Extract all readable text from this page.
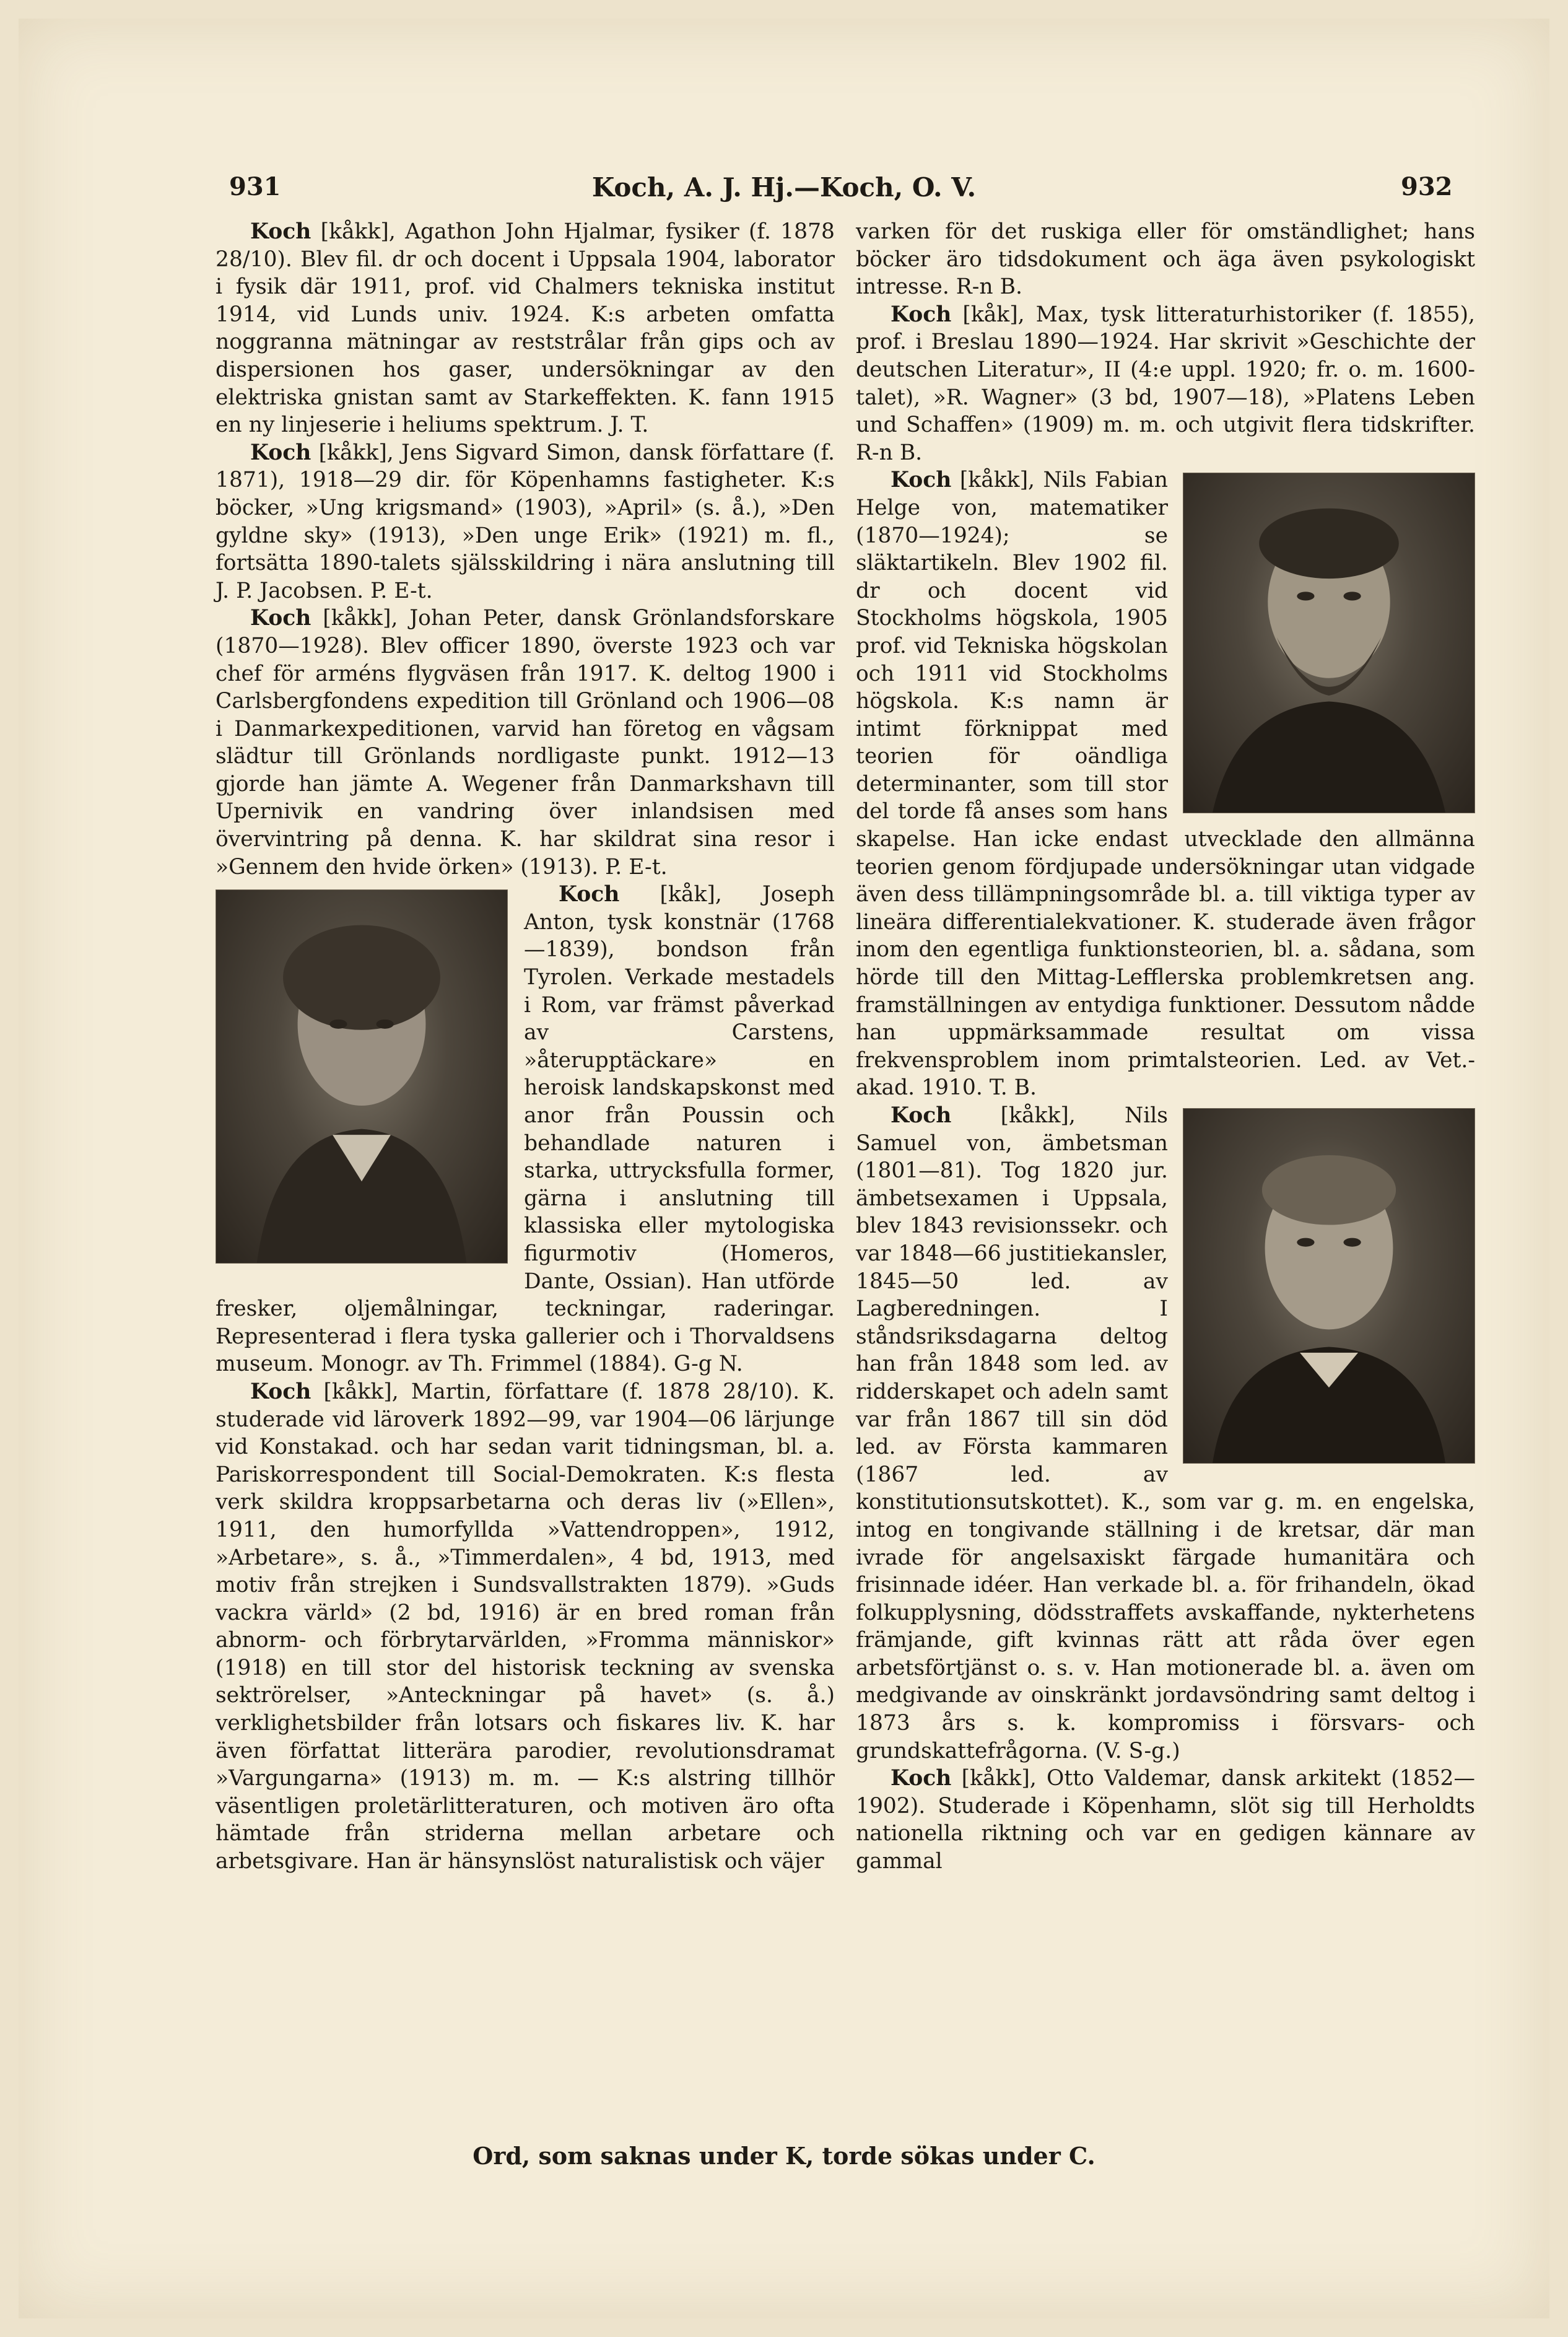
931	Koch, A. J. Hj.—Koch, O. V.	932

Koch [kåkk], Agathon John Hjalmar, fysiker (f. 1878 28/10). Blev fil. dr och docent i Uppsala 1904, laborator i fysik där 1911, prof. vid Chalmers tekniska institut 1914, vid Lunds univ. 1924. K:s arbeten omfatta noggranna mätningar av reststrålar från gips och av dispersionen hos gaser, undersökningar av den elektriska gnistan samt av Starkeffekten. K. fann 1915 en ny linjeserie i heliums spektrum. J. T.

Koch [kåkk], Jens Sigvard Simon, dansk författare (f. 1871), 1918—29 dir. för Köpenhamns fastigheter. K:s böcker, »Ung krigsmand» (1903), »April» (s. å.), »Den gyldne sky» (1913), »Den unge Erik» (1921) m. fl., fortsätta 1890-talets själsskildring i nära anslutning till J. P. Jacobsen. P. E-t.

Koch [kåkk], Johan Peter, dansk Grönlandsforskare (1870—1928). Blev officer 1890, överste 1923 och var chef för arméns flygväsen från 1917. K. deltog 1900 i Carlsbergfondens expedition till Grönland och 1906—08 i Danmarkexpeditionen, varvid han företog en vågsam slädtur till Grönlands nordligaste punkt. 1912—13 gjorde han jämte A. Wegener från Danmarkshavn till Upernivik en vandring över inlandsisen med övervintring på denna. K. har skildrat sina resor i »Gennem den hvide örken» (1913). P. E-t.

Koch [kåk], Joseph Anton, tysk konstnär (1768—1839), bondson från Tyrolen. Verkade mestadels i Rom, var främst påverkad av Carstens, »återupptäckare» en heroisk landskapskonst med anor från Poussin och behandlade naturen i starka, uttrycksfulla former, gärna i anslutning till klassiska eller mytologiska figurmotiv (Homeros, Dante, Ossian). Han utförde fresker, oljemålningar, teckningar, raderingar. Representerad i flera tyska gallerier och i Thorvaldsens museum. Monogr. av Th. Frimmel (1884). G-g N.

Koch [kåkk], Martin, författare (f. 1878 28/10). K. studerade vid läroverk 1892—99, var 1904—06 lärjunge vid Konstakad. och har sedan varit tidningsman, bl. a. Pariskorrespondent till Social-Demokraten. K:s flesta verk skildra kroppsarbetarna och deras liv (»Ellen», 1911, den humorfyllda »Vattendroppen», 1912, »Arbetare», s. å., »Timmerdalen», 4 bd, 1913, med motiv från strejken i Sundsvallstrakten 1879). »Guds vackra värld» (2 bd, 1916) är en bred roman från abnorm- och förbrytarvärlden, »Fromma människor» (1918) en till stor del historisk teckning av svenska sektrörelser, »Anteckningar på havet» (s. å.) verklighetsbilder från lotsars och fiskares liv. K. har även författat litterära parodier, revolutionsdramat »Vargungarna» (1913) m. m. — K:s alstring tillhör väsentligen proletärlitteraturen, och motiven äro ofta hämtade från striderna mellan arbetare och arbetsgivare. Han är hänsynslöst naturalistisk och väjer

varken för det ruskiga eller för omständlighet; hans böcker äro tidsdokument och äga även psykologiskt intresse. R-n B.

Koch [kåk], Max, tysk litteraturhistoriker (f. 1855), prof. i Breslau 1890—1924. Har skrivit »Geschichte der deutschen Literatur», II (4:e uppl. 1920; fr. o. m. 1600-talet), »R. Wagner» (3 bd, 1907—18), »Platens Leben und Schaffen» (1909) m. m. och utgivit flera tidskrifter. R-n B.

Koch [kåkk], Nils Fabian Helge von, matematiker (1870—1924); se släktartikeln. Blev 1902 fil. dr och docent vid Stockholms högskola, 1905 prof. vid Tekniska högskolan och 1911 vid Stockholms högskola. K:s namn är intimt förknippat med teorien för oändliga determinanter, som till stor del torde få anses som hans skapelse. Han icke endast utvecklade den allmänna teorien genom fördjupade undersökningar utan vidgade även dess tillämpningsområde bl. a. till viktiga typer av lineära differentialekvationer. K. studerade även frågor inom den egentliga funktionsteorien, bl. a. sådana, som hörde till den Mittag-Lefflerska problemkretsen ang. framställningen av entydiga funktioner. Dessutom nådde han uppmärksammade resultat om vissa frekvensproblem inom primtalsteorien. Led. av Vet.-akad. 1910. T. B.

Koch [kåkk], Nils Samuel von, ämbetsman (1801—81). Tog 1820 jur. ämbetsexamen i Uppsala, blev 1843 revisionssekr. och var 1848—66 justitiekansler, 1845—50 led. av Lagberedningen. I ståndsriksdagarna deltog han från 1848 som led. av ridderskapet och adeln samt var från 1867 till sin död led. av Första kammaren (1867 led. av konstitutionsutskottet). K., som var g. m. en engelska, intog en tongivande ställning i de kretsar, där man ivrade för angelsaxiskt färgade humanitära och frisinnade idéer. Han verkade bl. a. för frihandeln, ökad folkupplysning, dödsstraffets avskaffande, nykterhetens främjande, gift kvinnas rätt att råda över egen arbetsförtjänst o. s. v. Han motionerade bl. a. även om medgivande av oinskränkt jordavsöndring samt deltog i 1873 års s. k. kompromiss i försvars- och grundskattefrågorna. (V. S-g.)

Koch [kåkk], Otto Valdemar, dansk arkitekt (1852—1902). Studerade i Köpenhamn, slöt sig till Herholdts nationella riktning och var en gedigen kännare av gammal

Ord, som saknas under K, torde sökas under C.
